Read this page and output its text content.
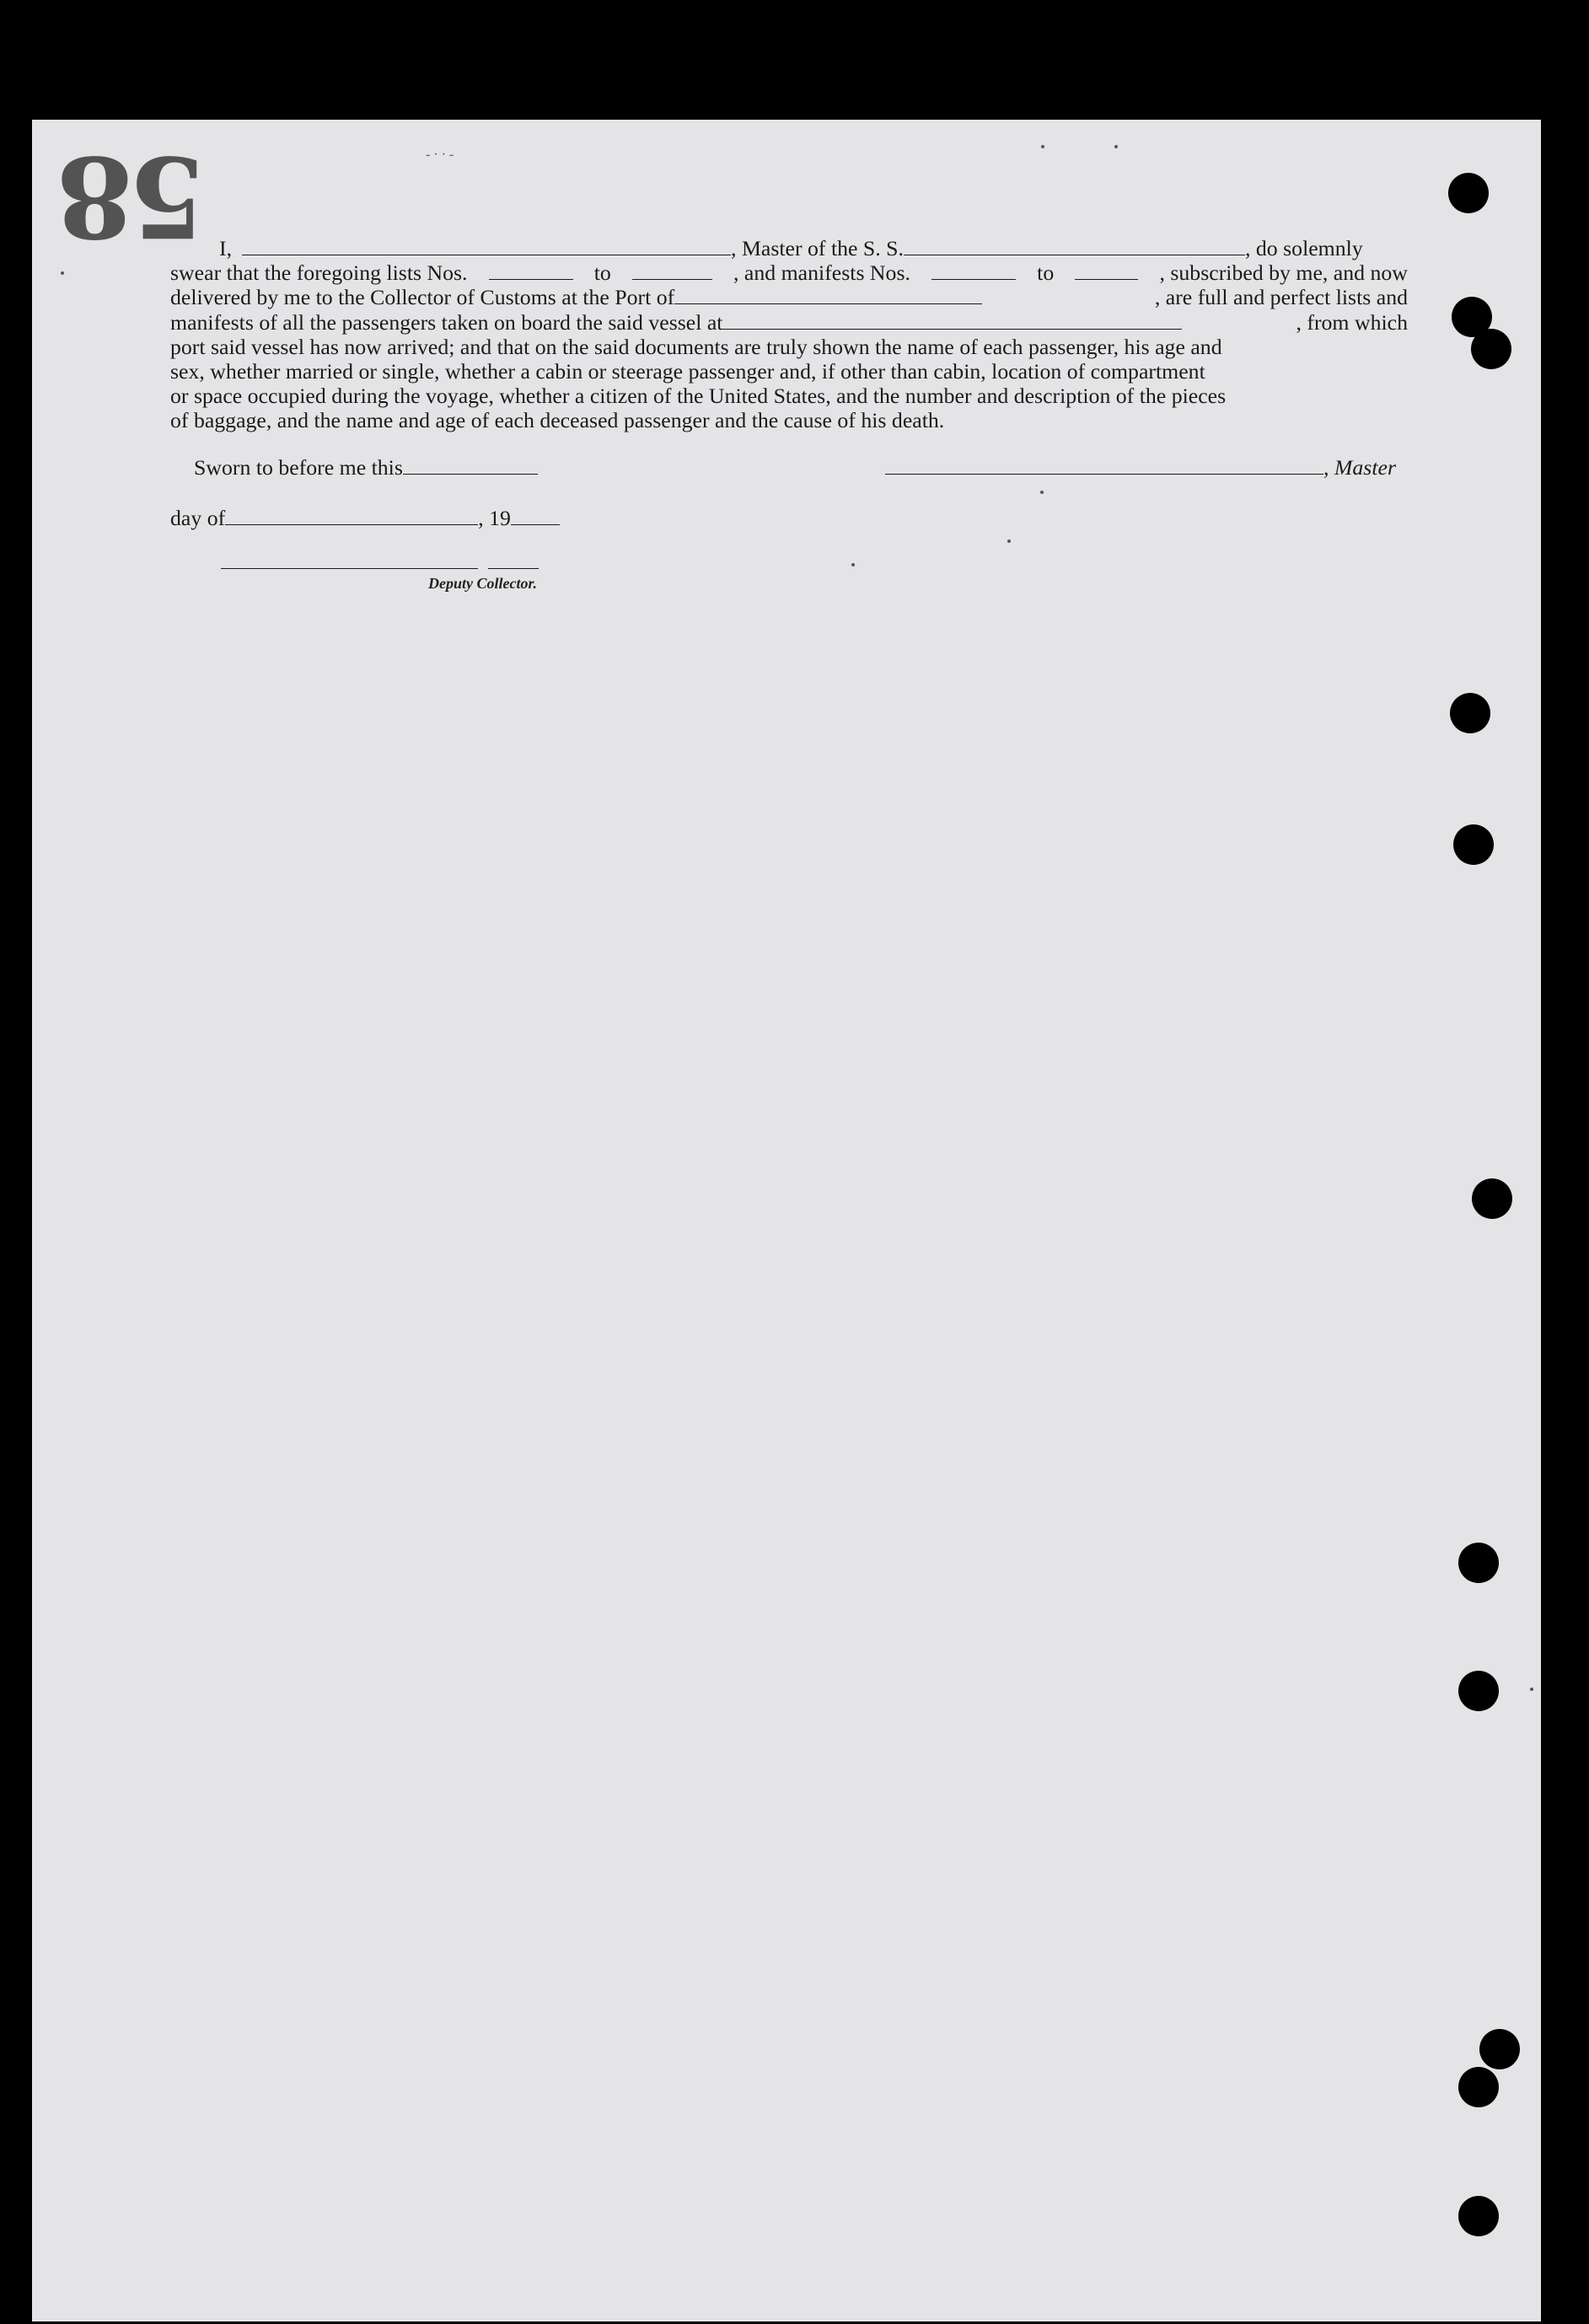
58	- · · -
I,	, Master of the S. S.	, do solemnly
swear that the foregoing lists Nos.	to	, and manifests Nos.	to	, subscribed by me, and now
delivered by me to the Collector of Customs at the Port of	, are full and perfect lists and
manifests of all the passengers taken on board the said vessel at	, from which
port said vessel has now arrived; and that on the said documents are truly shown the name of each passenger, his age and
sex, whether married or single, whether a cabin or steerage passenger and, if other than cabin, location of compartment
or space occupied during the voyage, whether a citizen of the United States, and the number and description of the pieces
of baggage, and the name and age of each deceased passenger and the cause of his death.
Sworn to before me this	, Master
day of	, 19
Deputy Collector.
